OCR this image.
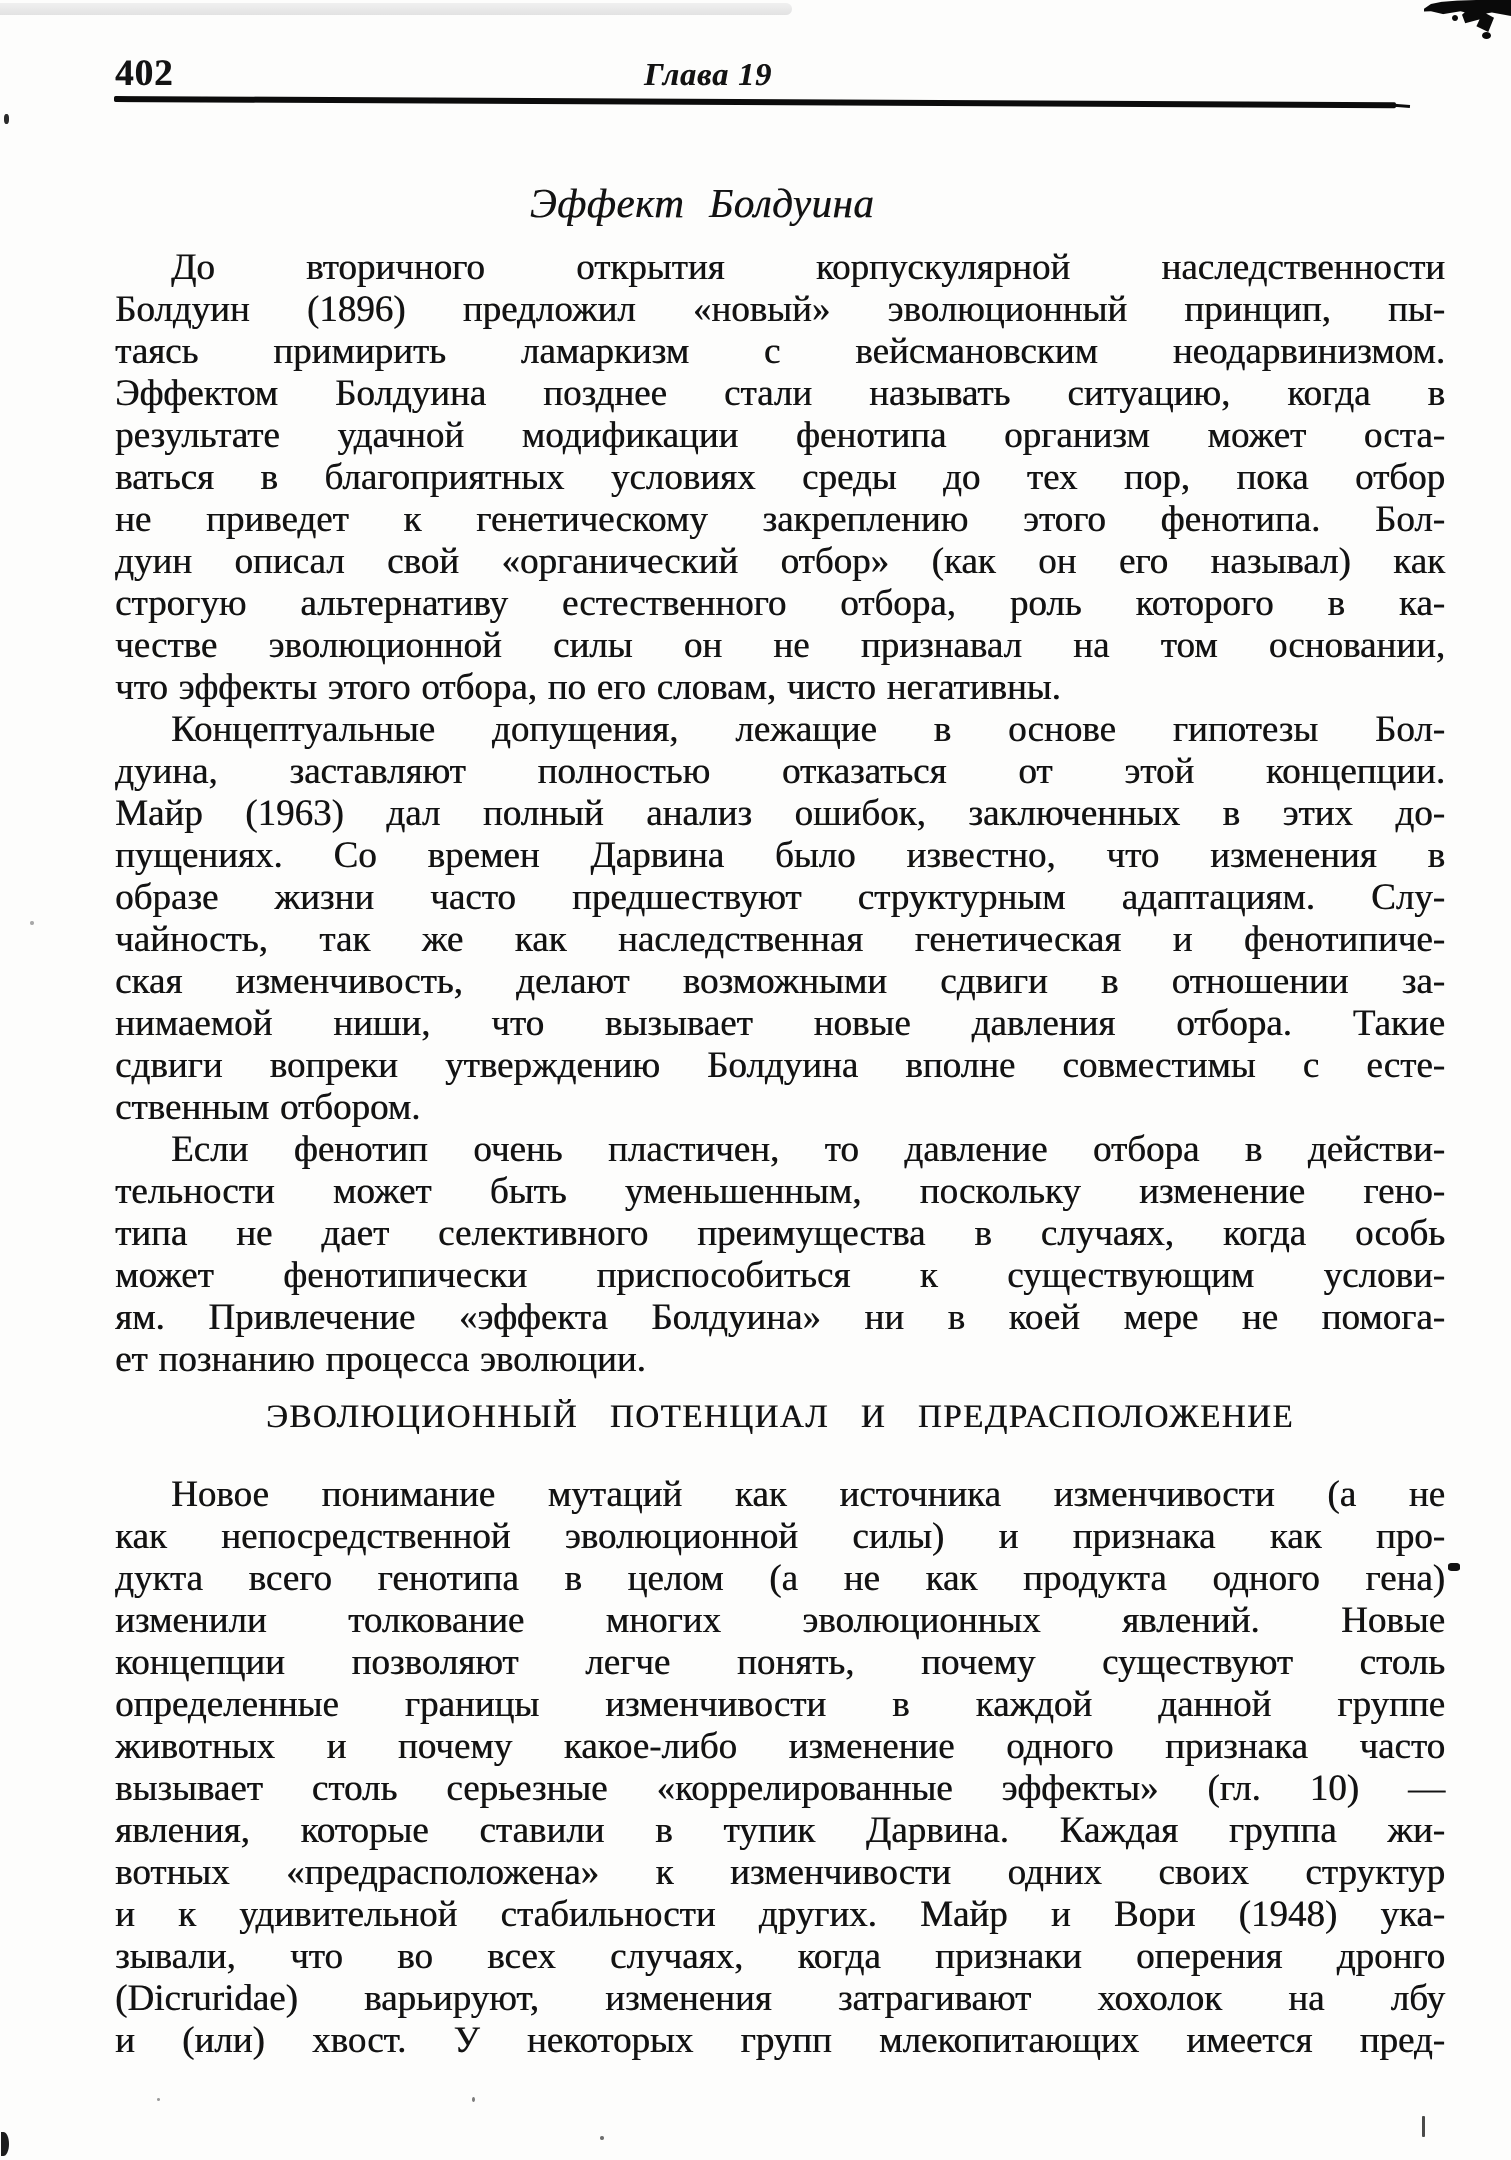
402	Глава 19
Эффект Болдуина
До вторичного открытия корпускулярной наследственности
Болдуин (1896) предложил «новый» эволюционный принцип, пы-
таясь примирить ламаркизм с вейсмановским неодарвинизмом.
Эффектом Болдуина позднее стали называть ситуацию, когда в
результате удачной модификации фенотипа организм может оста-
ваться в благоприятных условиях среды до тех пор, пока отбор
не приведет к генетическому закреплению этого фенотипа. Бол-
дуин описал свой «органический отбор» (как он его называл) как
строгую альтернативу естественного отбора, роль которого в ка-
честве эволюционной силы он не признавал на том основании,
что эффекты этого отбора, по его словам, чисто негативны.
Концептуальные допущения, лежащие в основе гипотезы Бол-
дуина, заставляют полностью отказаться от этой концепции.
Майр (1963) дал полный анализ ошибок, заключенных в этих до-
пущениях. Со времен Дарвина было известно, что изменения в
образе жизни часто предшествуют структурным адаптациям. Слу-
чайность, так же как наследственная генетическая и фенотипиче-
ская изменчивость, делают возможными сдвиги в отношении за-
нимаемой ниши, что вызывает новые давления отбора. Такие
сдвиги вопреки утверждению Болдуина вполне совместимы с есте-
ственным отбором.
Если фенотип очень пластичен, то давление отбора в действи-
тельности может быть уменьшенным, поскольку изменение гено-
типа не дает селективного преимущества в случаях, когда особь
может фенотипически приспособиться к существующим услови-
ям. Привлечение «эффекта Болдуина» ни в коей мере не помога-
ет познанию процесса эволюции.
ЭВОЛЮЦИОННЫЙ ПОТЕНЦИАЛ И ПРЕДРАСПОЛОЖЕНИЕ
Новое понимание мутаций как источника изменчивости (а не
как непосредственной эволюционной силы) и признака как про-
дукта всего генотипа в целом (а не как продукта одного гена)
изменили толкование многих эволюционных явлений. Новые
концепции позволяют легче понять, почему существуют столь
определенные границы изменчивости в каждой данной группе
животных и почему какое-либо изменение одного признака часто
вызывает столь серьезные «коррелированные эффекты» (гл. 10) —
явления, которые ставили в тупик Дарвина. Каждая группа жи-
вотных «предрасположена» к изменчивости одних своих структур
и к удивительной стабильности других. Майр и Вори (1948) ука-
зывали, что во всех случаях, когда признаки оперения дронго
(Dicruridae) варьируют, изменения затрагивают хохолок на лбу
и (или) хвост. У некоторых групп млекопитающих имеется пред-
